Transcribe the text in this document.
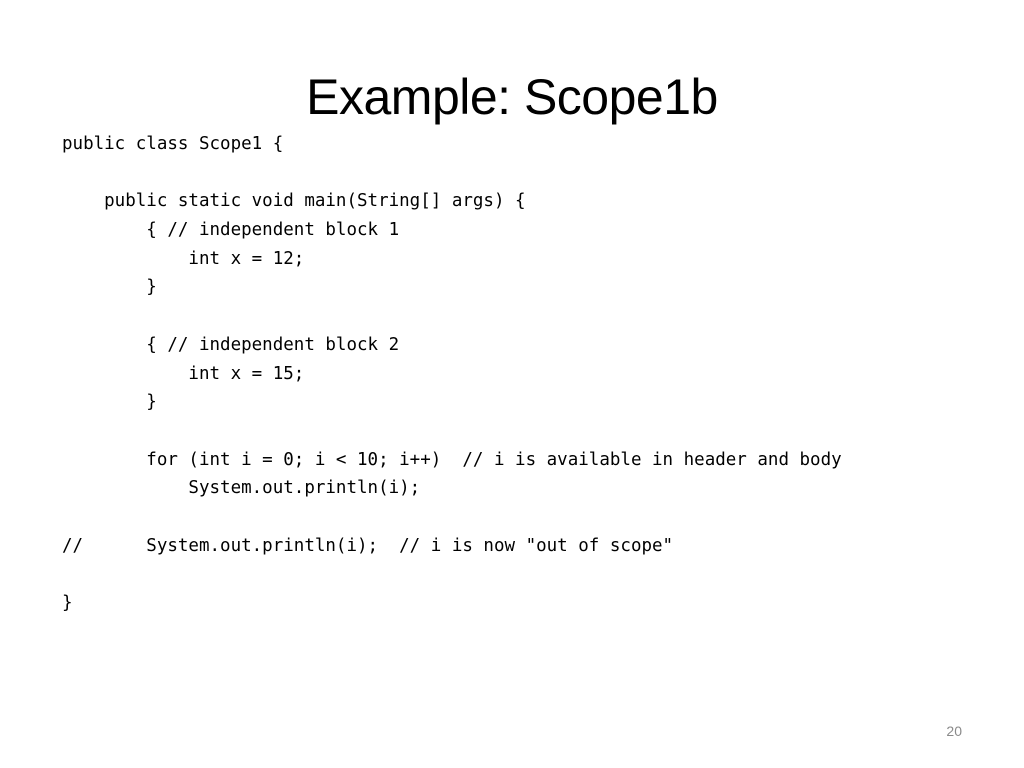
Example: Scope1b
public class Scope1 {
public static void main(String[] args) {
{ // independent block 1
int x = 12;
}
{ // independent block 2
int x = 15;
}
for (int i = 0; i < 10; i++)  // i is available in header and body
System.out.println(i);
//      System.out.println(i);  // i is now "out of scope"
}
20
